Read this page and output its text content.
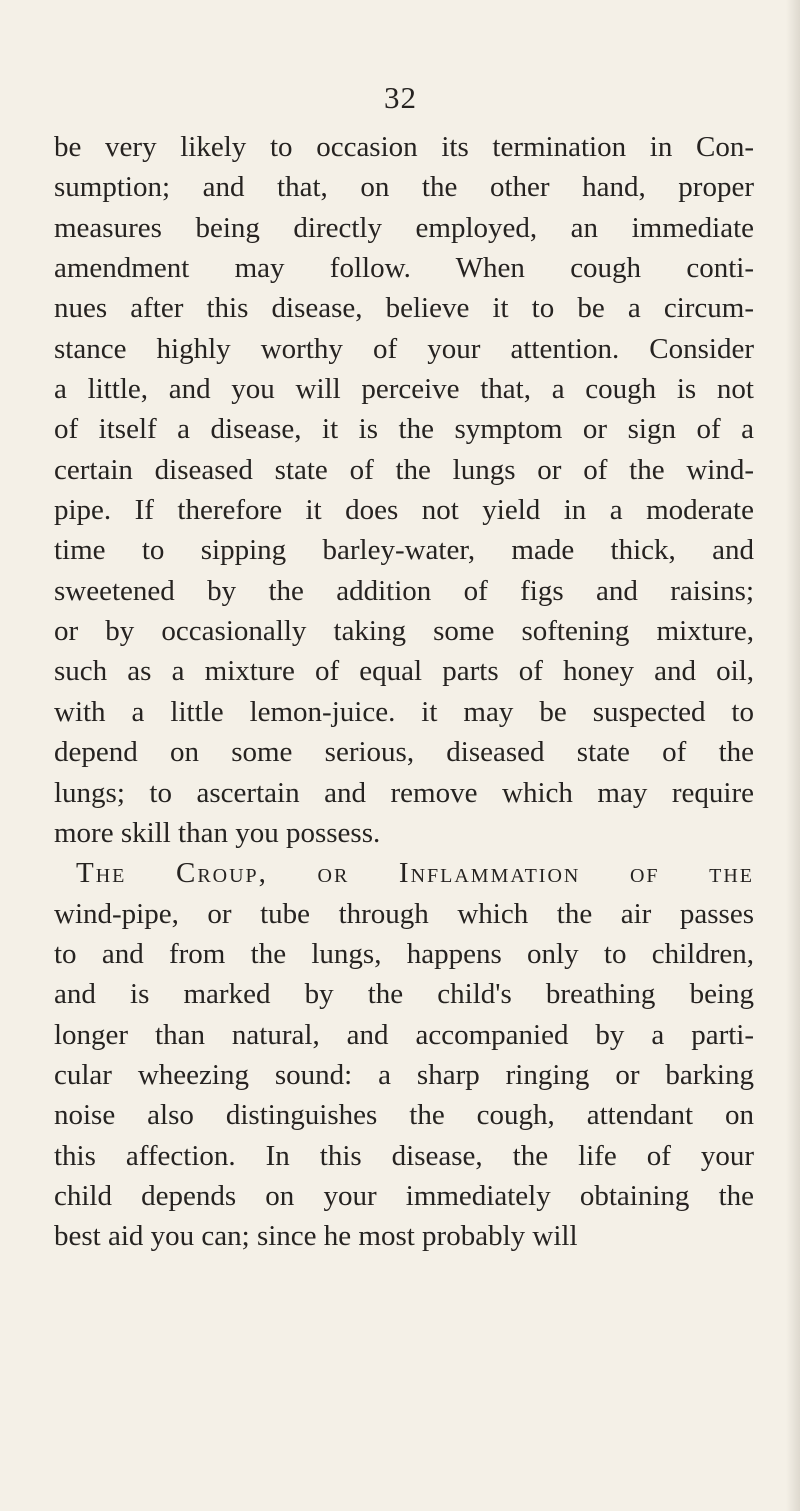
32
be very likely to occasion its termination in Con-
sumption; and that, on the other hand, proper
measures being directly employed, an immediate
amendment may follow. When cough conti-
nues after this disease, believe it to be a circum-
stance highly worthy of your attention. Consider
a little, and you will perceive that, a cough is not
of itself a disease, it is the symptom or sign of a
certain diseased state of the lungs or of the wind-
pipe. If therefore it does not yield in a moderate
time to sipping barley-water, made thick, and
sweetened by the addition of figs and raisins;
or by occasionally taking some softening mixture,
such as a mixture of equal parts of honey and oil,
with a little lemon-juice. it may be suspected to
depend on some serious, diseased state of the
lungs; to ascertain and remove which may require
more skill than you possess.
The Croup, or Inflammation of the
wind-pipe, or tube through which the air passes
to and from the lungs, happens only to children,
and is marked by the child's breathing being
longer than natural, and accompanied by a parti-
cular wheezing sound: a sharp ringing or barking
noise also distinguishes the cough, attendant on
this affection. In this disease, the life of your
child depends on your immediately obtaining the
best aid you can; since he most probably will
